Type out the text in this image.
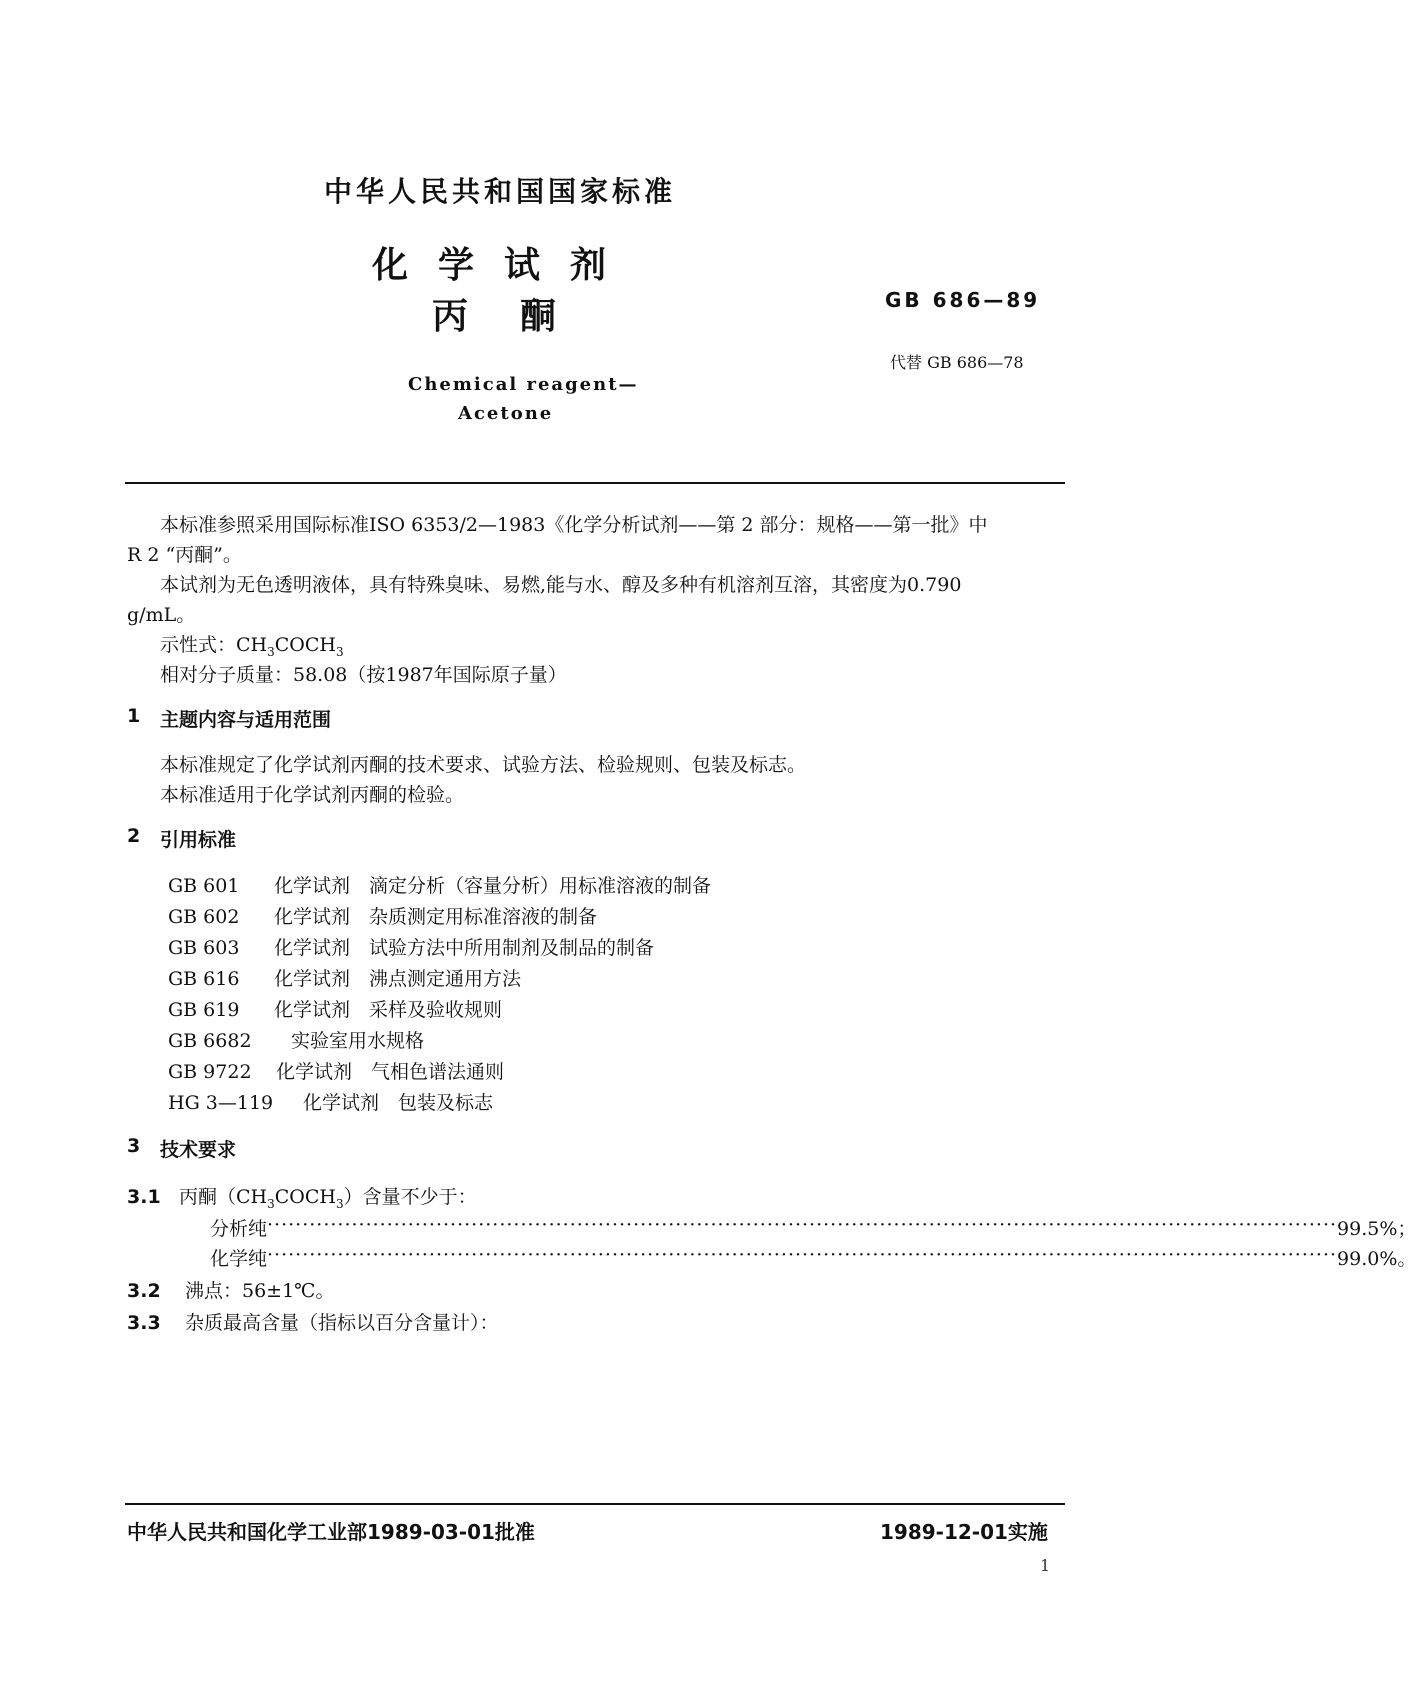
中华人民共和国国家标准
化学试剂
丙酮	GB 686—89
代替 GB 686—78
Chemical reagent—
Acetone
本标准参照采用国际标准ISO 6353/2—1983《化学分析试剂——第 2 部分：规格——第一批》中
R 2 “丙酮”。
本试剂为无色透明液体，具有特殊臭味、易燃,能与水、醇及多种有机溶剂互溶，其密度为0.790
g/mL。
示性式：$CH_3COCH_3$
相对分子质量：58.08（按1987年国际原子量）
1 主题内容与适用范围
本标准规定了化学试剂丙酮的技术要求、试验方法、检验规则、包装及标志。
本标准适用于化学试剂丙酮的检验。
2 引用标准
GB 601 化学试剂 滴定分析（容量分析）用标准溶液的制备
GB 602 化学试剂 杂质测定用标准溶液的制备
GB 603 化学试剂 试验方法中所用制剂及制品的制备
GB 616 化学试剂 沸点测定通用方法
GB 619 化学试剂 采样及验收规则
GB 6682 实验室用水规格
GB 9722 化学试剂 气相色谱法通则
HG 3—119 化学试剂 包装及标志
3 技术要求
3.1 丙酮$(CH_3COCH_3)$含量不少于：
分析纯 ························································································································································ 99.5%；
化学纯 ························································································································································ 99.0%。
3.2 沸点：56±1℃。
3.3 杂质最高含量（指标以百分含量计）：
中华人民共和国化学工业部1989-03-01批准	1989-12-01实施
1
